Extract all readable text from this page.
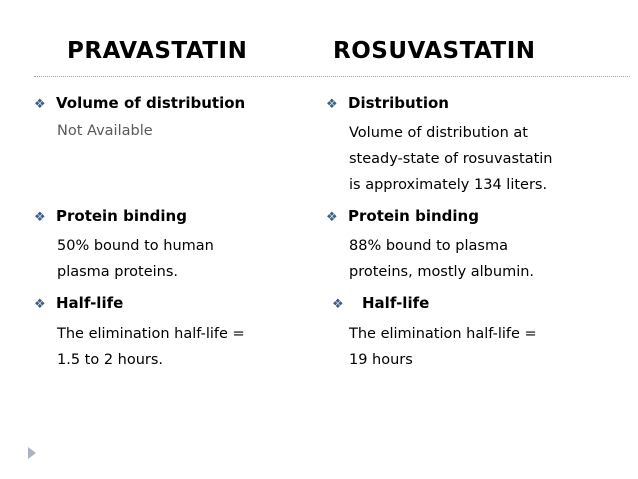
PRAVASTATIN	ROSUVASTATIN
❖ Volume of distribution
Not Available
❖ Protein binding
50% bound to human
plasma proteins.
❖ Half-life
The elimination half-life =
1.5 to 2 hours.
❖ Distribution
Volume of distribution at
steady-state of rosuvastatin
is approximately 134 liters.
❖ Protein binding
88% bound to plasma
proteins, mostly albumin.
❖ Half-life
The elimination half-life =
19 hours
